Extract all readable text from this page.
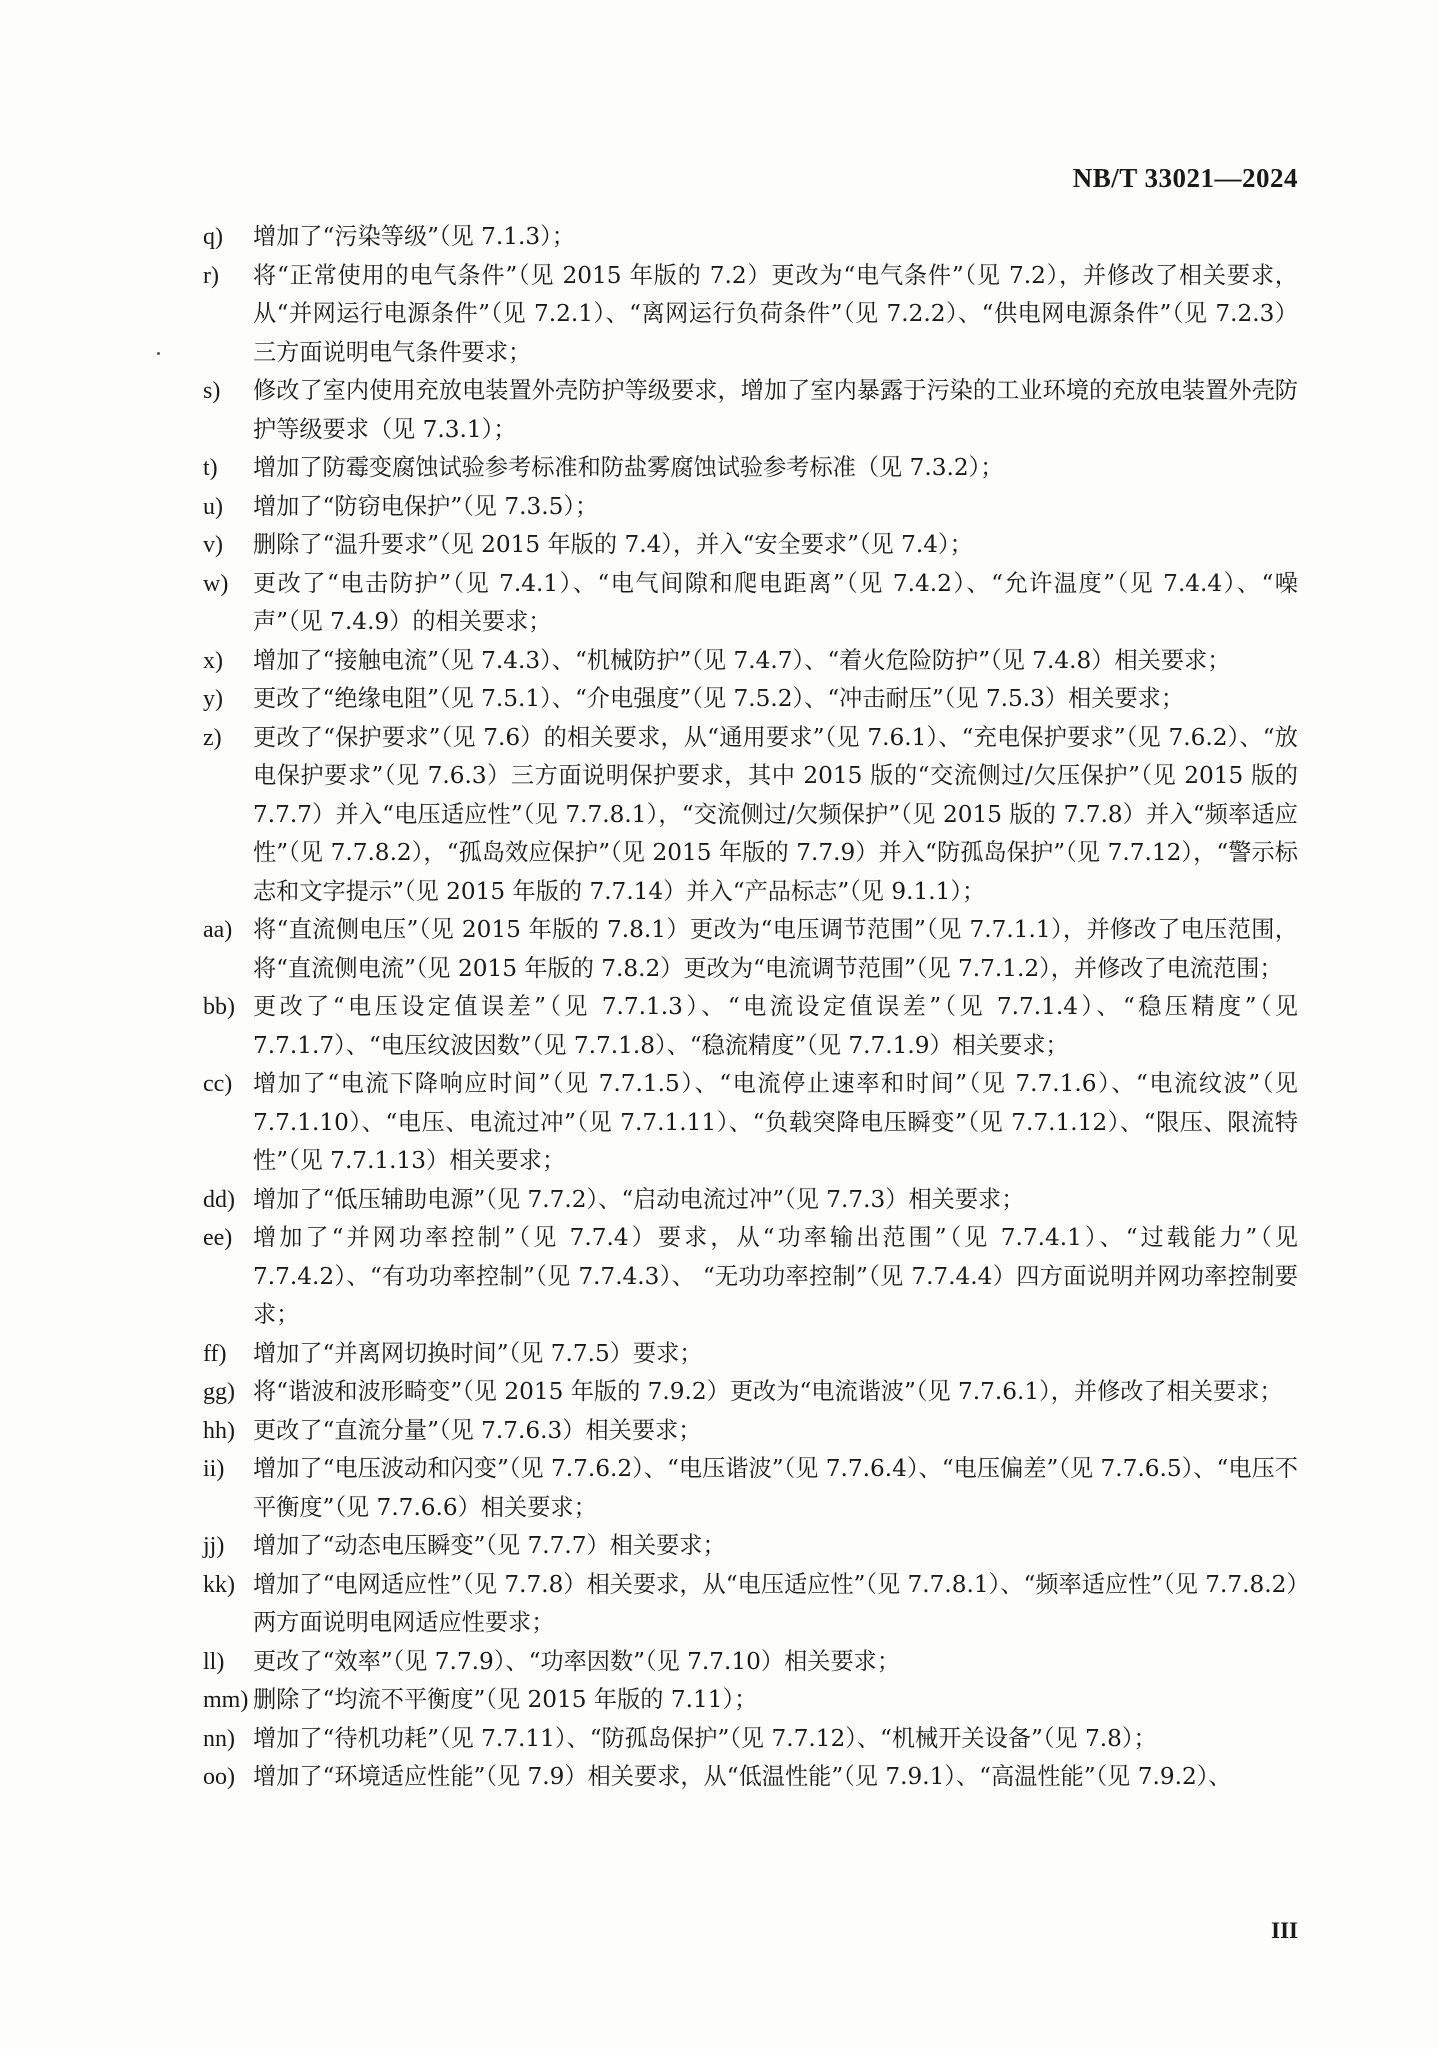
NB/T 33021—2024
q) 增加了“污染等级”（见 7.1.3）；
r) 将“正常使用的电气条件”（见 2015 年版的 7.2）更改为“电气条件”（见 7.2），并修改了相关要求，从“并网运行电源条件”（见 7.2.1）、“离网运行负荷条件”（见 7.2.2）、“供电网电源条件”（见 7.2.3）三方面说明电气条件要求；
s) 修改了室内使用充放电装置外壳防护等级要求，增加了室内暴露于污染的工业环境的充放电装置外壳防护等级要求（见 7.3.1）；
t) 增加了防霉变腐蚀试验参考标准和防盐雾腐蚀试验参考标准（见 7.3.2）；
u) 增加了“防窃电保护”（见 7.3.5）；
v) 删除了“温升要求”（见 2015 年版的 7.4），并入“安全要求”（见 7.4）；
w) 更改了“电击防护”（见 7.4.1）、“电气间隙和爬电距离”（见 7.4.2）、“允许温度”（见 7.4.4）、“噪声”（见 7.4.9）的相关要求；
x) 增加了“接触电流”（见 7.4.3）、“机械防护”（见 7.4.7）、“着火危险防护”（见 7.4.8）相关要求；
y) 更改了“绝缘电阻”（见 7.5.1）、“介电强度”（见 7.5.2）、“冲击耐压”（见 7.5.3）相关要求；
z) 更改了“保护要求”（见 7.6）的相关要求，从“通用要求”（见 7.6.1）、“充电保护要求”（见 7.6.2）、“放电保护要求”（见 7.6.3）三方面说明保护要求，其中 2015 版的“交流侧过/欠压保护”（见 2015 版的 7.7.7）并入“电压适应性”（见 7.7.8.1），“交流侧过/欠频保护”（见 2015 版的 7.7.8）并入“频率适应性”（见 7.7.8.2），“孤岛效应保护”（见 2015 年版的 7.7.9）并入“防孤岛保护”（见 7.7.12），“警示标志和文字提示”（见 2015 年版的 7.7.14）并入“产品标志”（见 9.1.1）；
aa) 将“直流侧电压”（见 2015 年版的 7.8.1）更改为“电压调节范围”（见 7.7.1.1），并修改了电压范围，将“直流侧电流”（见 2015 年版的 7.8.2）更改为“电流调节范围”（见 7.7.1.2），并修改了电流范围；
bb) 更改了“电压设定值误差”（见 7.7.1.3）、“电流设定值误差”（见 7.7.1.4）、“稳压精度”（见 7.7.1.7）、“电压纹波因数”（见 7.7.1.8）、“稳流精度”（见 7.7.1.9）相关要求；
cc) 增加了“电流下降响应时间”（见 7.7.1.5）、“电流停止速率和时间”（见 7.7.1.6）、“电流纹波”（见 7.7.1.10）、“电压、电流过冲”（见 7.7.1.11）、“负载突降电压瞬变”（见 7.7.1.12）、“限压、限流特性”（见 7.7.1.13）相关要求；
dd) 增加了“低压辅助电源”（见 7.7.2）、“启动电流过冲”（见 7.7.3）相关要求；
ee) 增加了“并网功率控制”（见 7.7.4）要求，从“功率输出范围”（见 7.7.4.1）、“过载能力”（见 7.7.4.2）、“有功功率控制”（见 7.7.4.3）、 “无功功率控制”（见 7.7.4.4）四方面说明并网功率控制要求；
ff) 增加了“并离网切换时间”（见 7.7.5）要求；
gg) 将“谐波和波形畸变”（见 2015 年版的 7.9.2）更改为“电流谐波”（见 7.7.6.1），并修改了相关要求；
hh) 更改了“直流分量”（见 7.7.6.3）相关要求；
ii) 增加了“电压波动和闪变”（见 7.7.6.2）、“电压谐波”（见 7.7.6.4）、“电压偏差”（见 7.7.6.5）、“电压不平衡度”（见 7.7.6.6）相关要求；
jj) 增加了“动态电压瞬变”（见 7.7.7）相关要求；
kk) 增加了“电网适应性”（见 7.7.8）相关要求，从“电压适应性”（见 7.7.8.1）、“频率适应性”（见 7.7.8.2）两方面说明电网适应性要求；
ll) 更改了“效率”（见 7.7.9）、“功率因数”（见 7.7.10）相关要求；
mm) 删除了“均流不平衡度”（见 2015 年版的 7.11）；
nn) 增加了“待机功耗”（见 7.7.11）、“防孤岛保护”（见 7.7.12）、“机械开关设备”（见 7.8）；
oo) 增加了“环境适应性能”（见 7.9）相关要求，从“低温性能”（见 7.9.1）、“高温性能”（见 7.9.2）、
III
